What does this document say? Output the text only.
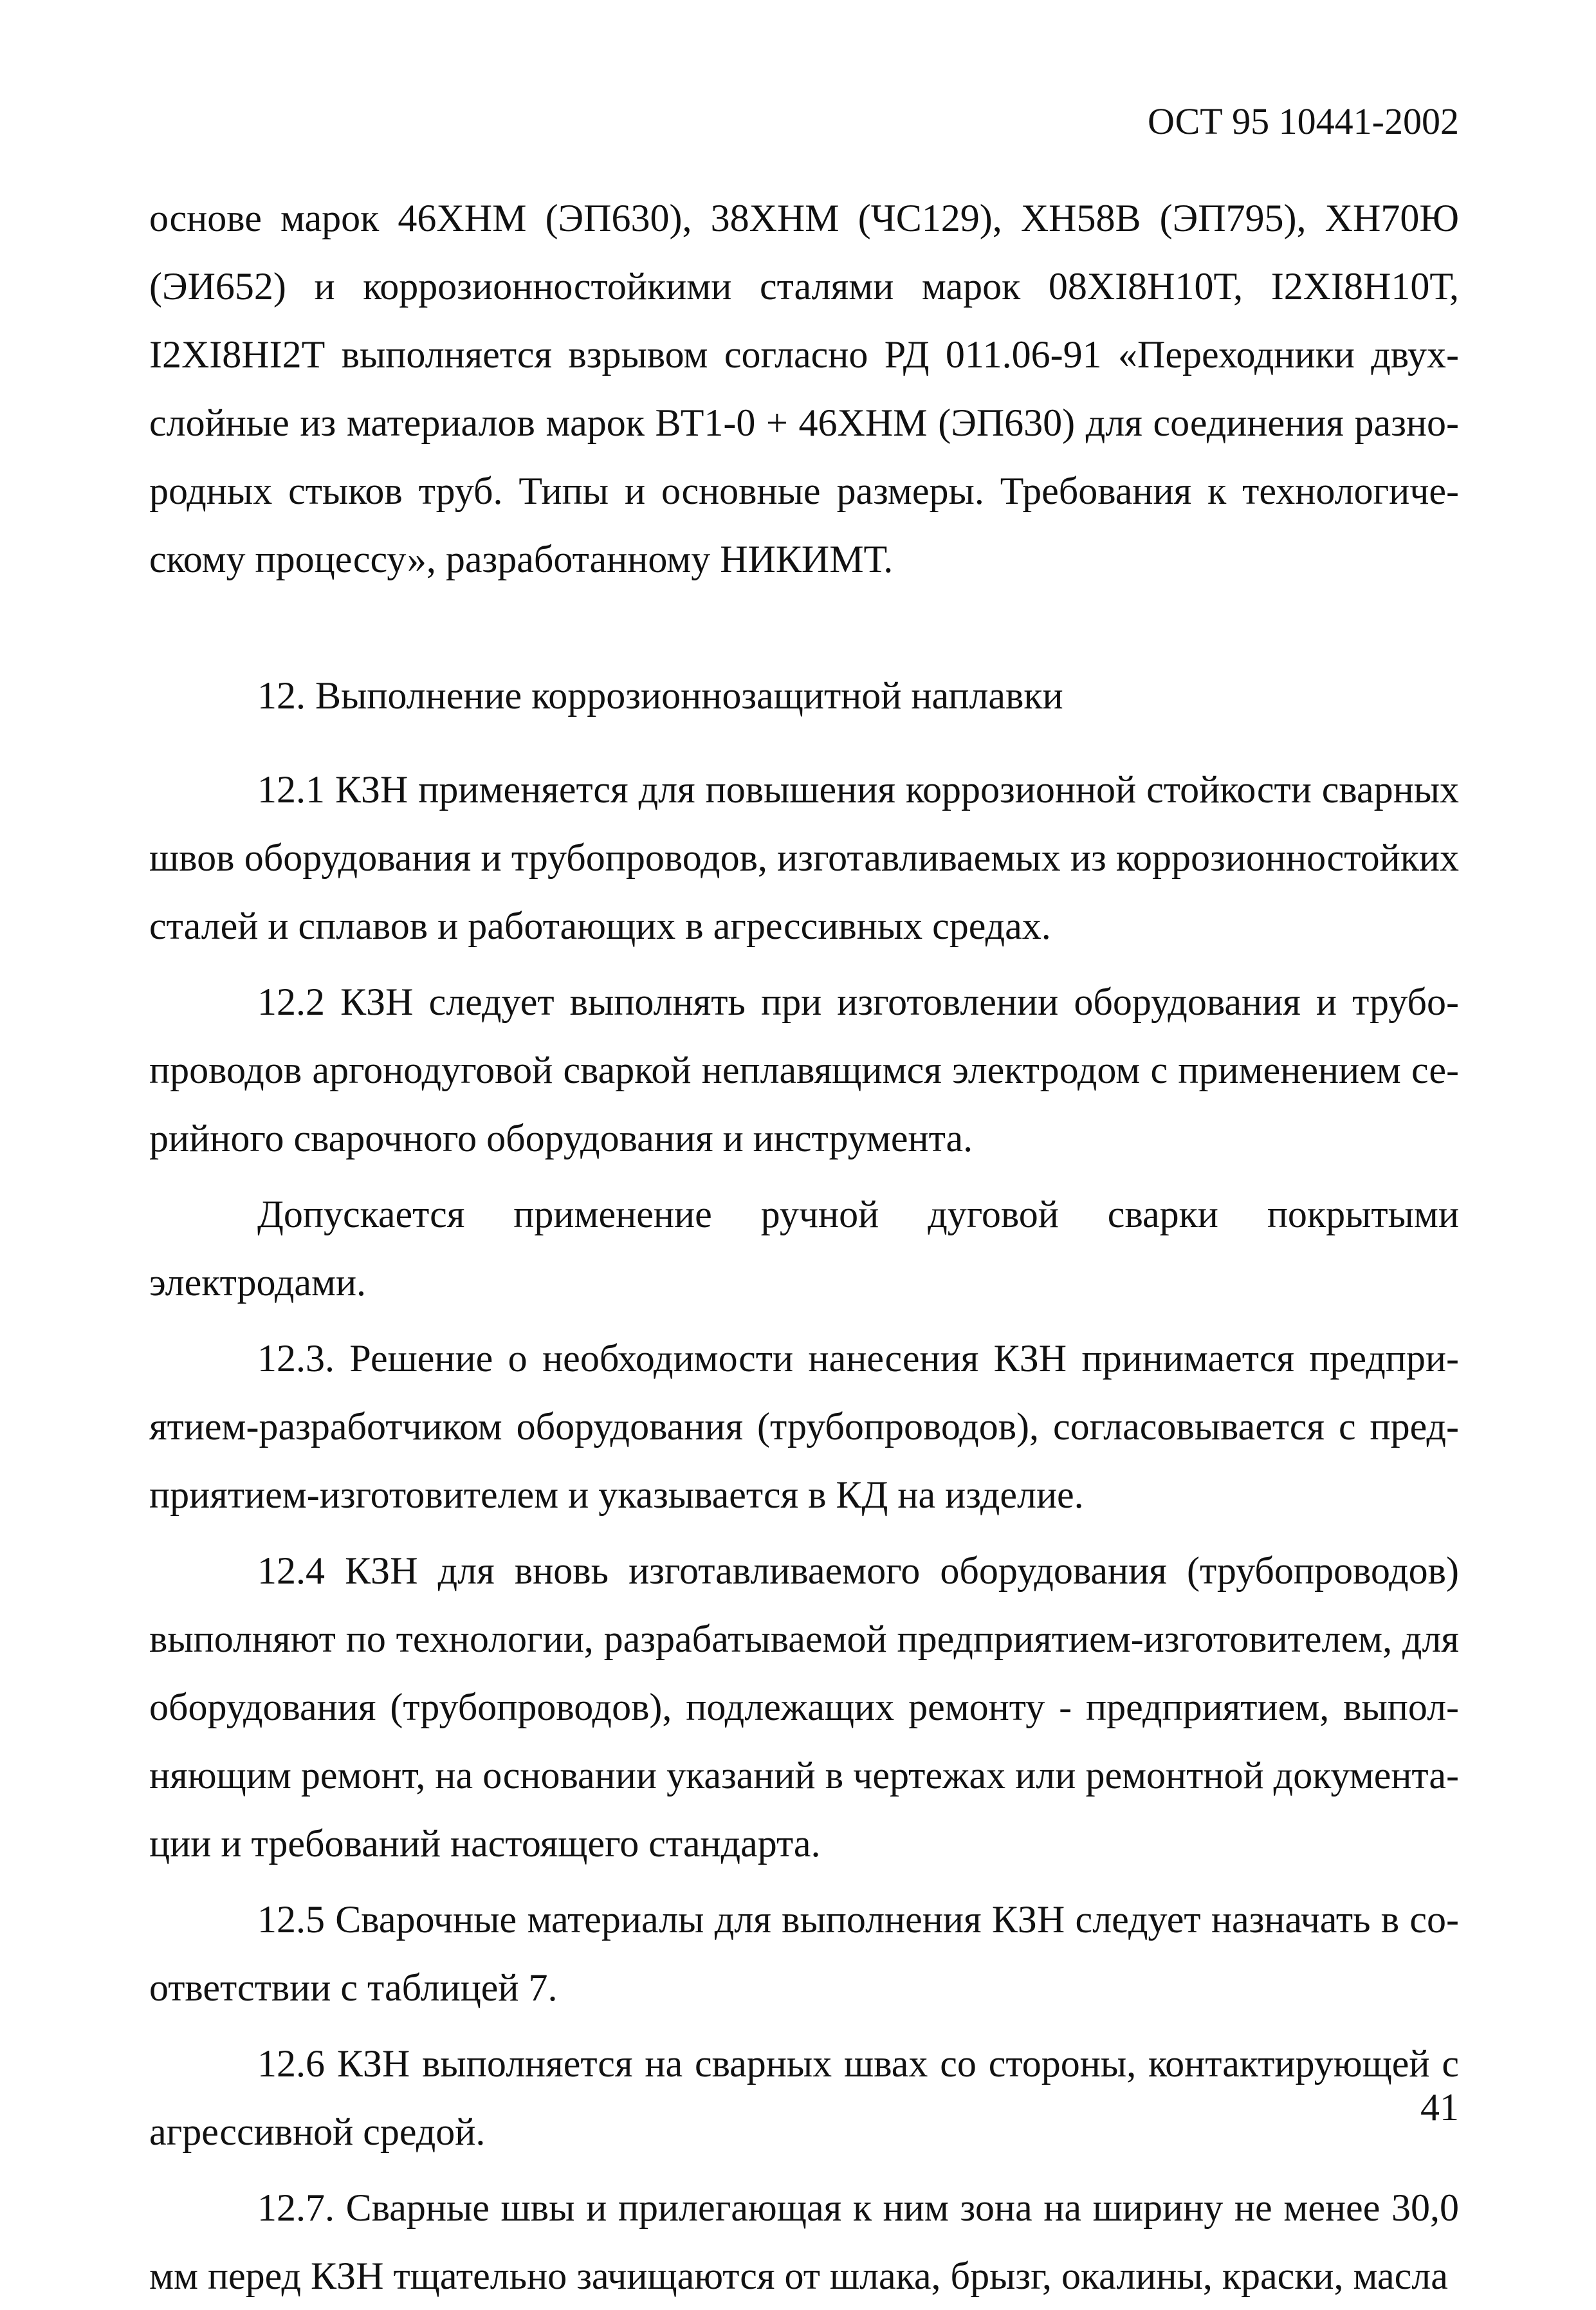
ОСТ 95 10441-2002

основе марок 46ХНМ (ЭП630), 38ХНМ (ЧС129), ХН58В (ЭП795), ХН70Ю (ЭИ652) и коррозионностойкими сталями марок 08ХI8Н10Т, I2ХI8Н10Т, I2ХI8НI2Т выполняется взрывом согласно РД 011.06-91 «Переходники двухслойные из материалов марок ВТ1-0 + 46ХНМ (ЭП630) для соединения разнородных стыков труб. Типы и основные размеры. Требования к технологическому процессу», разработанному НИКИМТ.

12. Выполнение коррозионнозащитной наплавки

12.1 КЗН применяется для повышения коррозионной стойкости сварных швов оборудования и трубопроводов, изготавливаемых из коррозионностойких сталей и сплавов и работающих в агрессивных средах.

12.2 КЗН следует выполнять при изготовлении оборудования и трубопроводов аргонодуговой сваркой неплавящимся электродом с применением серийного сварочного оборудования и инструмента.

Допускается применение ручной дуговой сварки покрытыми электродами.

12.3. Решение о необходимости нанесения КЗН принимается предприятием-разработчиком оборудования (трубопроводов), согласовывается с предприятием-изготовителем и указывается в КД на изделие.

12.4 КЗН для вновь изготавливаемого оборудования (трубопроводов) выполняют по технологии, разрабатываемой предприятием-изготовителем, для оборудования (трубопроводов), подлежащих ремонту - предприятием, выполняющим ремонт, на основании указаний в чертежах или ремонтной документации и требований настоящего стандарта.

12.5 Сварочные материалы для выполнения КЗН следует назначать в соответствии с таблицей 7.

12.6 КЗН выполняется на сварных швах со стороны, контактирующей с агрессивной средой.

12.7. Сварные швы и прилегающая к ним зона на ширину не менее 30,0 мм перед КЗН тщательно зачищаются от шлака, брызг, окалины, краски, масла

41
